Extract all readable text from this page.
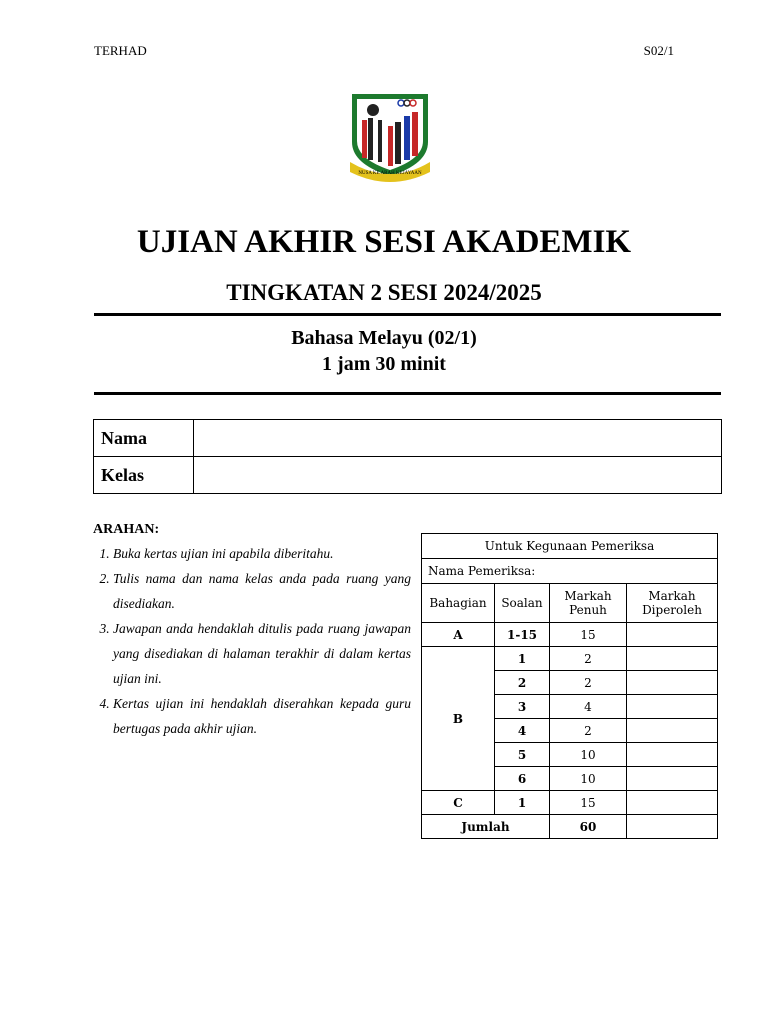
TERHAD	S02/1
NUSA KE ARAH KEJAYAAN
UJIAN AKHIR SESI AKADEMIK
TINGKATAN 2 SESI 2024/2025
Bahasa Melayu (02/1)
1 jam 30 minit
Nama	
Kelas	
ARAHAN:
1. Buka kertas ujian ini apabila diberitahu.
2. Tulis nama dan nama kelas anda pada ruang yang disediakan.
3. Jawapan anda hendaklah ditulis pada ruang jawapan yang disediakan di halaman terakhir di dalam kertas ujian ini.
4. Kertas ujian ini hendaklah diserahkan kepada guru bertugas pada akhir ujian.
Untuk Kegunaan Pemeriksa			
Nama Pemeriksa:			
Bahagian	Soalan	Markah Penuh	Markah Diperoleh
A	1-15	15	
B	1	2	
	2	2	
	3	4	
	4	2	
	5	10	
	6	10	
C	1	15	
Jumlah		60	
